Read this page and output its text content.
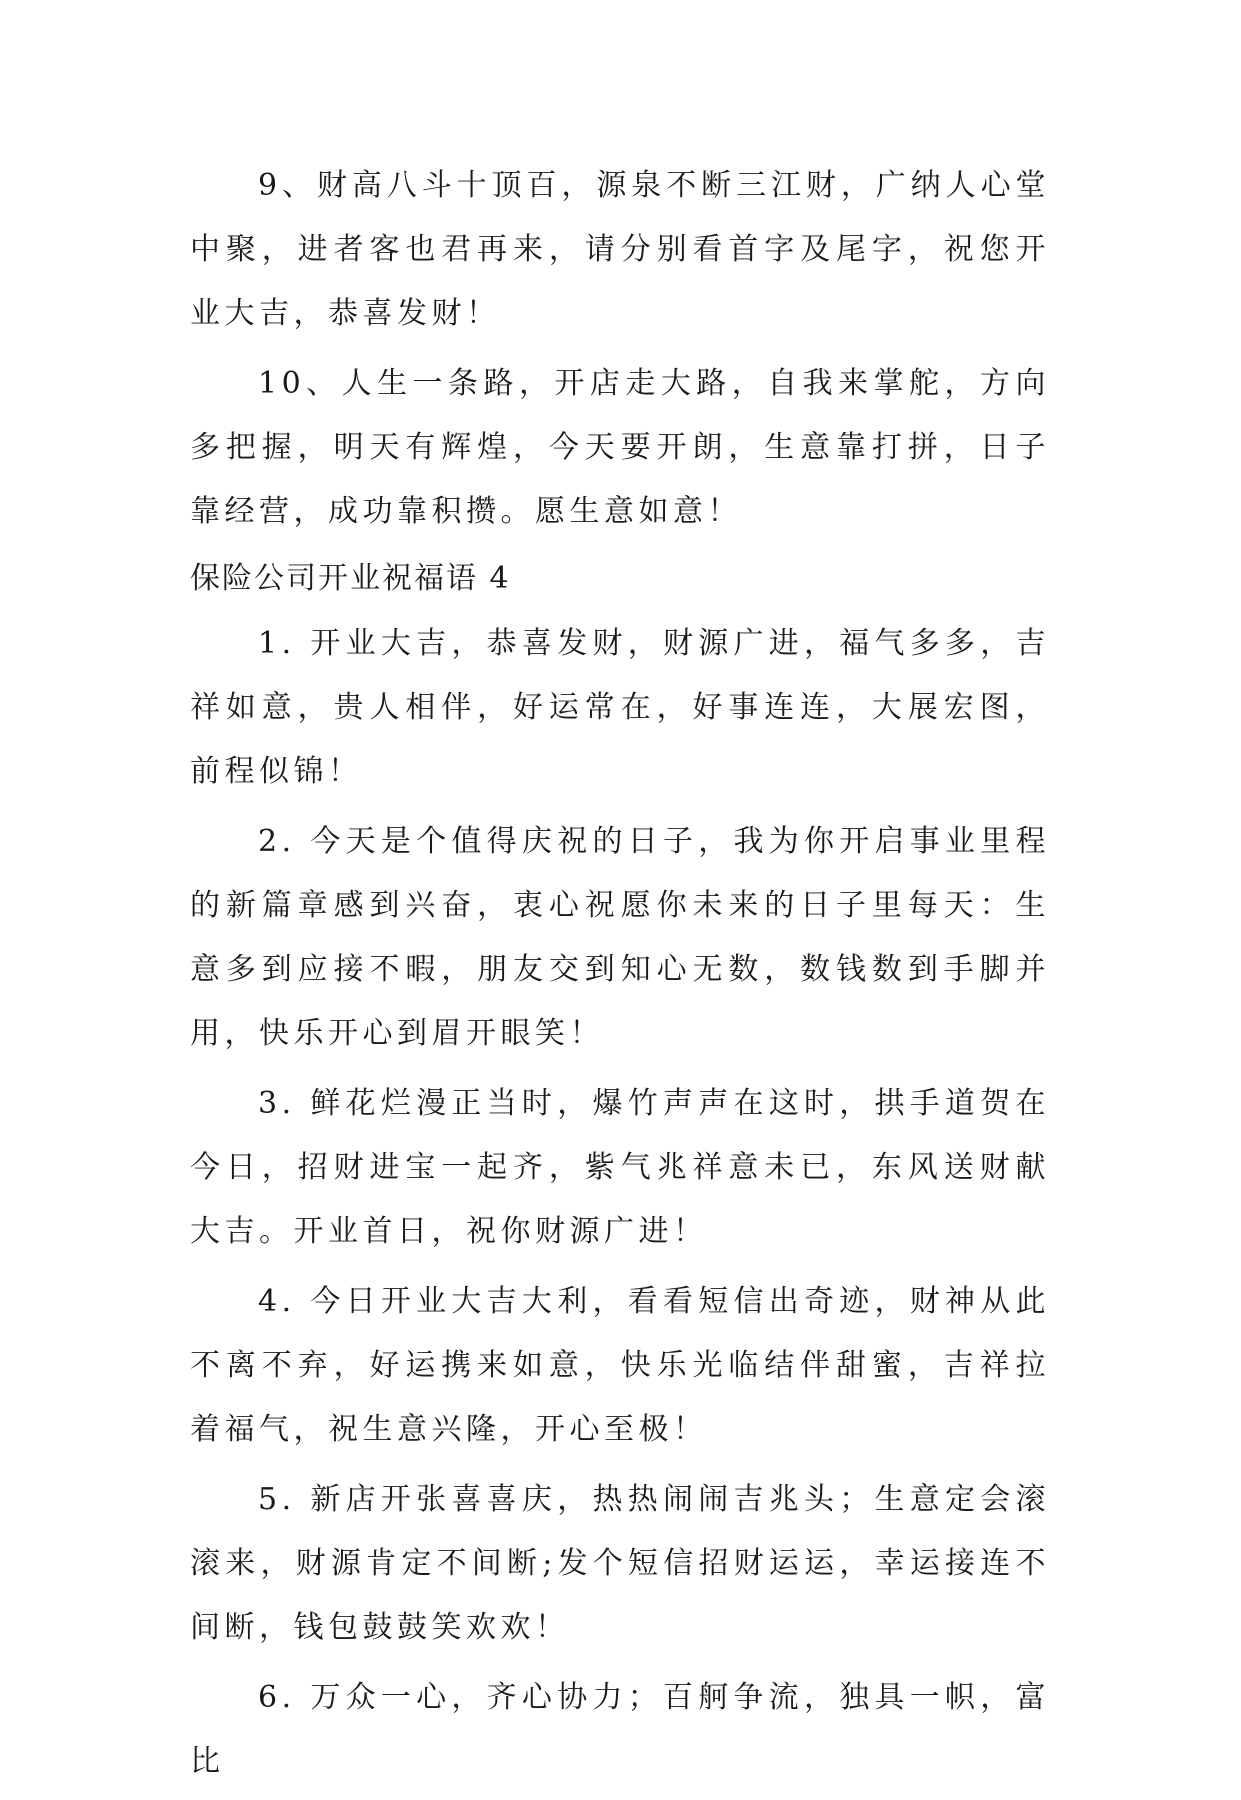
9、财高八斗十顶百，源泉不断三江财，广纳人心堂中聚，进者客也君再来，请分别看首字及尾字，祝您开业大吉，恭喜发财！

10、人生一条路，开店走大路，自我来掌舵，方向多把握，明天有辉煌，今天要开朗，生意靠打拼，日子靠经营，成功靠积攒。愿生意如意！

保险公司开业祝福语 4

1. 开业大吉，恭喜发财，财源广进，福气多多，吉祥如意，贵人相伴，好运常在，好事连连，大展宏图，前程似锦！

2. 今天是个值得庆祝的日子，我为你开启事业里程的新篇章感到兴奋，衷心祝愿你未来的日子里每天：生意多到应接不暇，朋友交到知心无数，数钱数到手脚并用，快乐开心到眉开眼笑！

3. 鲜花烂漫正当时，爆竹声声在这时，拱手道贺在今日，招财进宝一起齐，紫气兆祥意未已，东风送财献大吉。开业首日，祝你财源广进！

4. 今日开业大吉大利，看看短信出奇迹，财神从此不离不弃，好运携来如意，快乐光临结伴甜蜜，吉祥拉着福气，祝生意兴隆，开心至极！

5. 新店开张喜喜庆，热热闹闹吉兆头；生意定会滚滚来，财源肯定不间断;发个短信招财运运，幸运接连不间断，钱包鼓鼓笑欢欢！

6. 万众一心，齐心协力；百舸争流，独具一帜，富比
